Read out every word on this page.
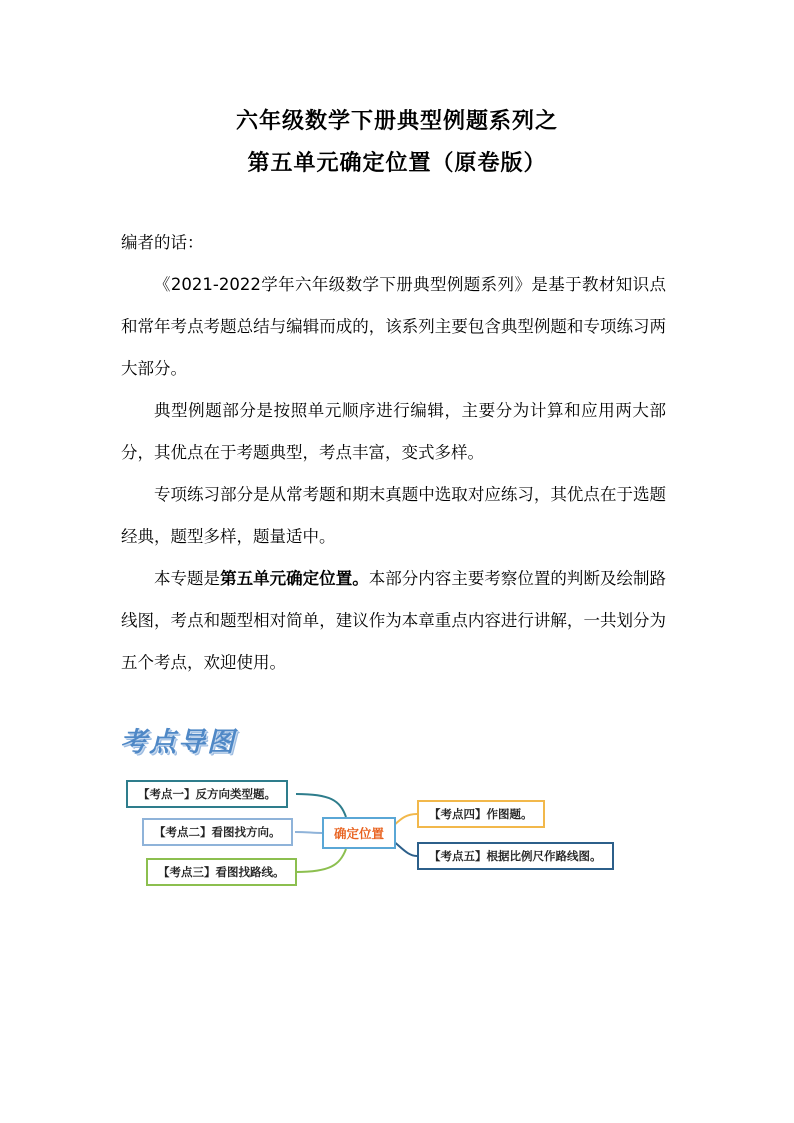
六年级数学下册典型例题系列之
第五单元确定位置（原卷版）
编者的话：
《2021-2022学年六年级数学下册典型例题系列》是基于教材知识点和常年考点考题总结与编辑而成的，该系列主要包含典型例题和专项练习两大部分。
典型例题部分是按照单元顺序进行编辑，主要分为计算和应用两大部分，其优点在于考题典型，考点丰富，变式多样。
专项练习部分是从常考题和期末真题中选取对应练习，其优点在于选题经典，题型多样，题量适中。
本专题是第五单元确定位置。本部分内容主要考察位置的判断及绘制路线图，考点和题型相对简单，建议作为本章重点内容进行讲解，一共划分为五个考点，欢迎使用。
考点导图
【考点一】反方向类型题。
【考点二】看图找方向。
【考点三】看图找路线。
确定位置
【考点四】作图题。
【考点五】根据比例尺作路线图。
